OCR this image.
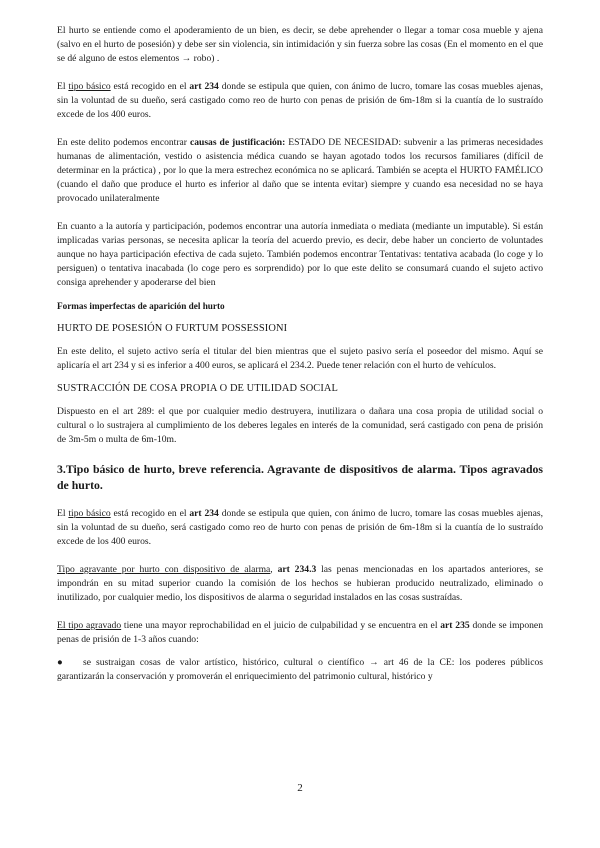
El hurto se entiende como el apoderamiento de un bien, es decir, se debe aprehender o llegar a tomar cosa mueble y ajena (salvo en el hurto de posesión) y debe ser sin violencia, sin intimidación y sin fuerza sobre las cosas (En el momento en el que se dé alguno de estos elementos → robo) .

El tipo básico está recogido en el art 234 donde se estipula que quien, con ánimo de lucro, tomare las cosas muebles ajenas, sin la voluntad de su dueño, será castigado como reo de hurto con penas de prisión de 6m-18m si la cuantía de lo sustraído excede de los 400 euros.

En este delito podemos encontrar causas de justificación: ESTADO DE NECESIDAD: subvenir a las primeras necesidades humanas de alimentación, vestido o asistencia médica cuando se hayan agotado todos los recursos familiares (difícil de determinar en la práctica) , por lo que la mera estrechez económica no se aplicará. También se acepta el HURTO FAMÉLICO (cuando el daño que produce el hurto es inferior al daño que se intenta evitar) siempre y cuando esa necesidad no se haya provocado unilateralmente

En cuanto a la autoría y participación, podemos encontrar una autoría inmediata o mediata (mediante un imputable). Si están implicadas varias personas, se necesita aplicar la teoría del acuerdo previo, es decir, debe haber un concierto de voluntades aunque no haya participación efectiva de cada sujeto. También podemos encontrar Tentativas: tentativa acabada (lo coge y lo persiguen) o tentativa inacabada (lo coge pero es sorprendido) por lo que este delito se consumará cuando el sujeto activo consiga aprehender y apoderarse del bien

Formas imperfectas de aparición del hurto

HURTO DE POSESIÓN O FURTUM POSSESSIONI

En este delito, el sujeto activo sería el titular del bien mientras que el sujeto pasivo sería el poseedor del mismo. Aquí se aplicaría el art 234 y si es inferior a 400 euros, se aplicará el 234.2. Puede tener relación con el hurto de vehículos.

SUSTRACCIÓN DE COSA PROPIA O DE UTILIDAD SOCIAL

Dispuesto en el art 289: el que por cualquier medio destruyera, inutilizara o dañara una cosa propia de utilidad social o cultural o lo sustrajera al cumplimiento de los deberes legales en interés de la comunidad, será castigado con pena de prisión de 3m-5m o multa de 6m-10m.

3.Tipo básico de hurto, breve referencia. Agravante de dispositivos de alarma. Tipos agravados de hurto.

El tipo básico está recogido en el art 234 donde se estipula que quien, con ánimo de lucro, tomare las cosas muebles ajenas, sin la voluntad de su dueño, será castigado como reo de hurto con penas de prisión de 6m-18m si la cuantía de lo sustraído excede de los 400 euros.

Tipo agravante por hurto con dispositivo de alarma, art 234.3 las penas mencionadas en los apartados anteriores, se impondrán en su mitad superior cuando la comisión de los hechos se hubieran producido neutralizado, eliminado o inutilizado, por cualquier medio, los dispositivos de alarma o seguridad instalados en las cosas sustraídas.

El tipo agravado tiene una mayor reprochabilidad en el juicio de culpabilidad y se encuentra en el art 235 donde se imponen penas de prisión de 1-3 años cuando:

● se sustraigan cosas de valor artístico, histórico, cultural o científico → art 46 de la CE: los poderes públicos garantizarán la conservación y promoverán el enriquecimiento del patrimonio cultural, histórico y

2
